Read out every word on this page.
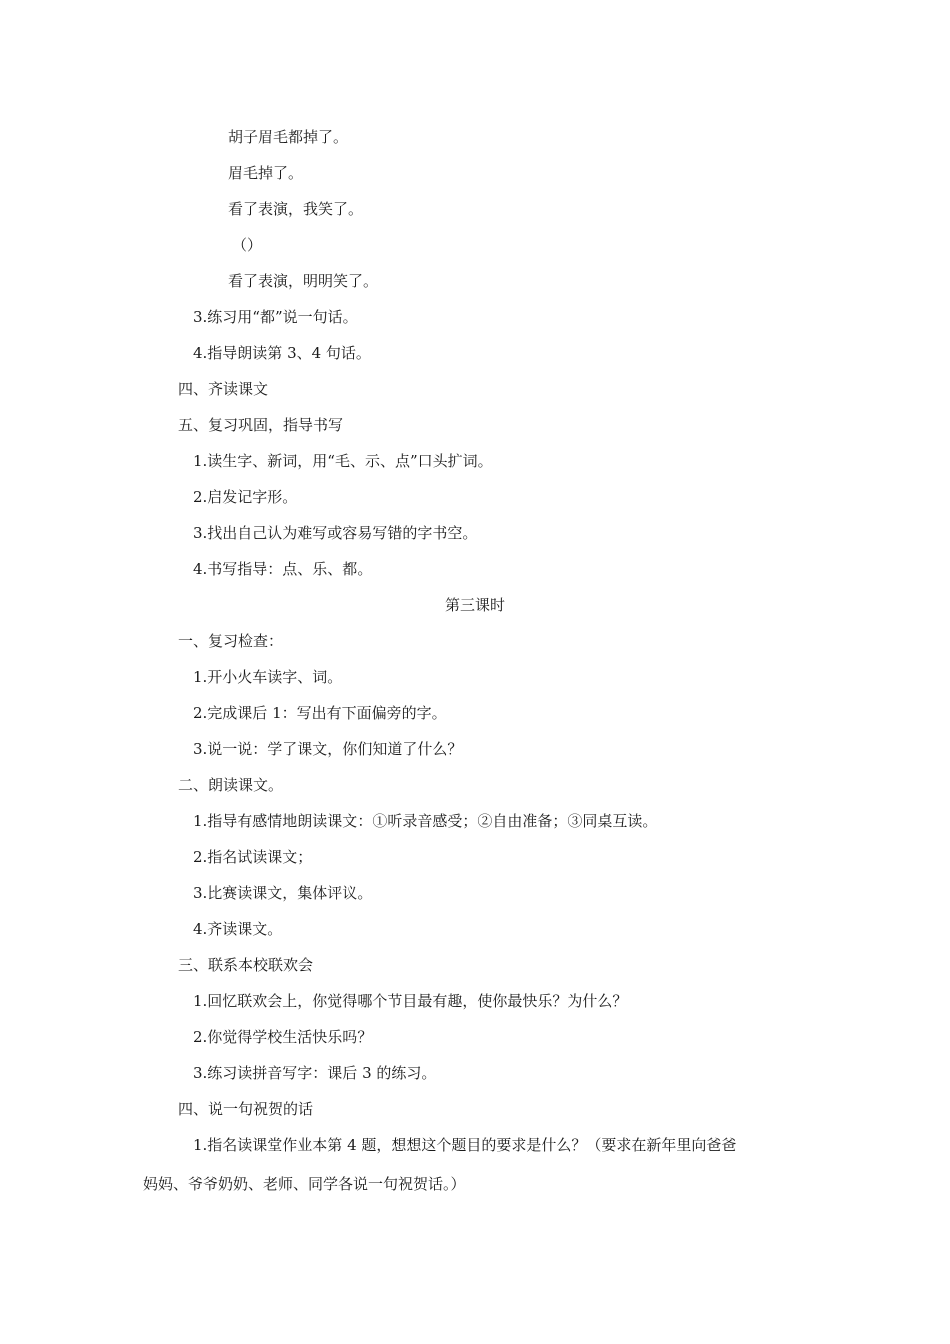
胡子眉毛都掉了。
眉毛掉了。
看了表演，我笑了。
（）
看了表演，明明笑了。
3.练习用“都”说一句话。
4.指导朗读第 3、4 句话。
四、齐读课文
五、复习巩固，指导书写
1.读生字、新词，用“毛、示、点”口头扩词。
2.启发记字形。
3.找出自己认为难写或容易写错的字书空。
4.书写指导：点、乐、都。
第三课时
一、复习检查：
1.开小火车读字、词。
2.完成课后 1：写出有下面偏旁的字。
3.说一说：学了课文，你们知道了什么？
二、朗读课文。
1.指导有感情地朗读课文：①听录音感受；②自由准备；③同桌互读。
2.指名试读课文；
3.比赛读课文，集体评议。
4.齐读课文。
三、联系本校联欢会
1.回忆联欢会上，你觉得哪个节目最有趣，使你最快乐？为什么？
2.你觉得学校生活快乐吗？
3.练习读拼音写字：课后 3 的练习。
四、说一句祝贺的话
1.指名读课堂作业本第 4 题，想想这个题目的要求是什么？（要求在新年里向爸爸
妈妈、爷爷奶奶、老师、同学各说一句祝贺话。）
